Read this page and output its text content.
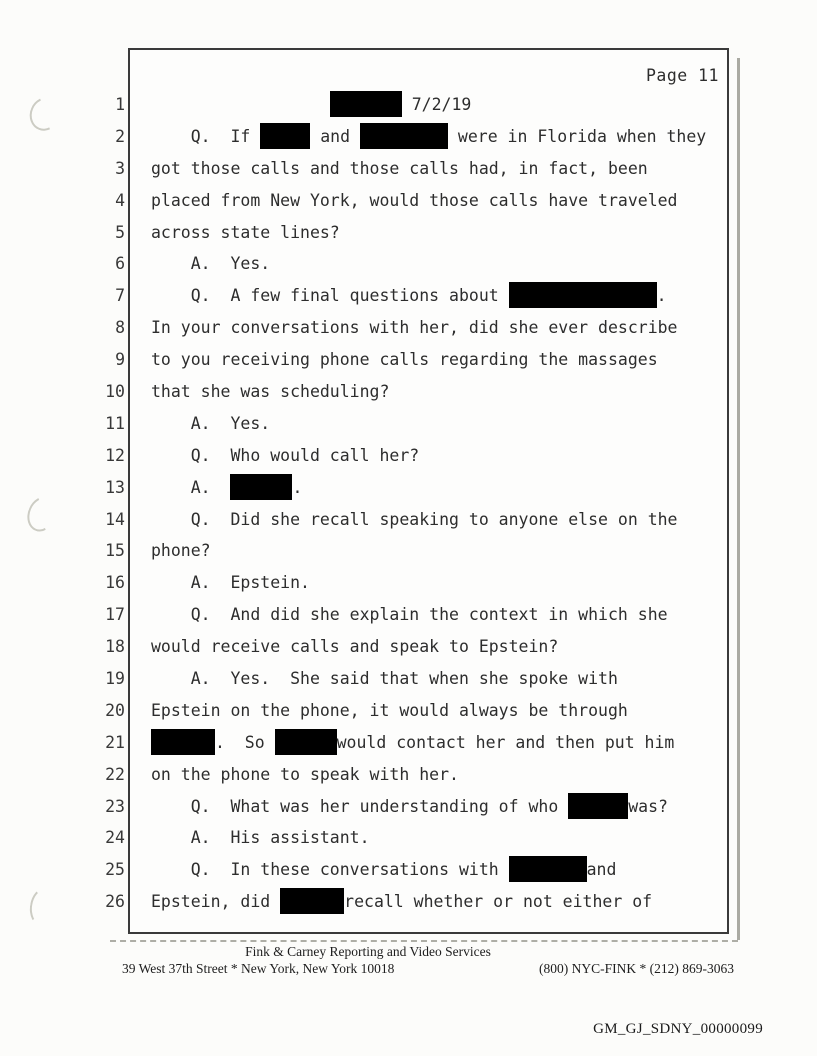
1
2
3
4
5
6
7
8
9
10
11
12
13
14
15
16
17
18
19
20
21
22
23
24
25
26
Page 11
7/2/19
Q.  If	and	were in Florida when they
got those calls and those calls had, in fact, been
placed from New York, would those calls have traveled
across state lines?
A.  Yes.
Q.  A few final questions about	.
In your conversations with her, did she ever describe
to you receiving phone calls regarding the massages
that she was scheduling?
A.  Yes.
Q.  Who would call her?
A.	.
Q.  Did she recall speaking to anyone else on the
phone?
A.  Epstein.
Q.  And did she explain the context in which she
would receive calls and speak to Epstein?
A.  Yes.  She said that when she spoke with
Epstein on the phone, it would always be through
.  So	would contact her and then put him
on the phone to speak with her.
Q.  What was her understanding of who	was?
A.  His assistant.
Q.  In these conversations with	and
Epstein, did	recall whether or not either of
Fink & Carney Reporting and Video Services
39 West 37th Street * New York, New York 10018	(800) NYC-FINK * (212) 869-3063
GM_GJ_SDNY_00000099
